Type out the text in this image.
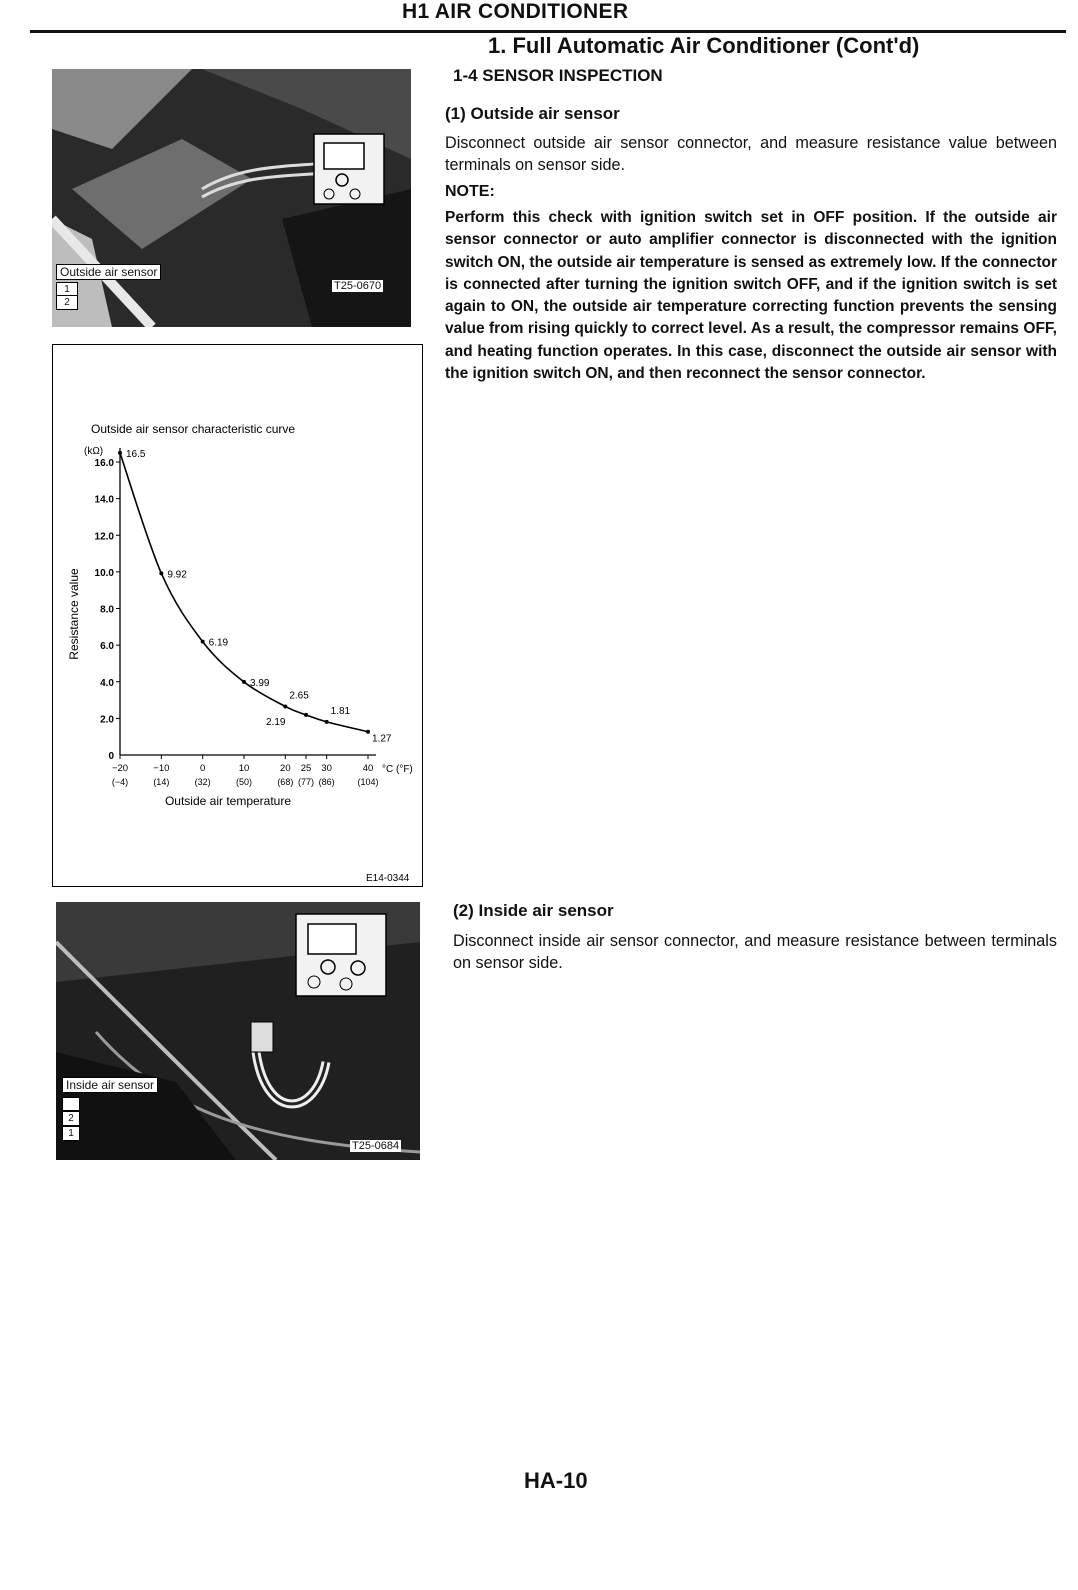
H1 AIR CONDITIONER
1. Full Automatic Air Conditioner (Cont'd)
1-4 SENSOR INSPECTION
(1) Outside air sensor
Disconnect outside air sensor connector, and measure resistance value between terminals on sensor side.
NOTE:
Perform this check with ignition switch set in OFF position. If the outside air sensor connector or auto amplifier connector is disconnected with the ignition switch ON, the outside air temperature is sensed as extremely low. If the connector is connected after turning the ignition switch OFF, and if the ignition switch is set again to ON, the outside air temperature correcting function prevents the sensing value from rising quickly to correct level. As a result, the compressor remains OFF, and heating function operates. In this case, disconnect the outside air sensor with the ignition switch ON, and then reconnect the sensor connector.
(2) Inside air sensor
Disconnect inside air sensor connector, and measure resistance between terminals on sensor side.
Outside air sensor
1
2
T25-0670
Outside air sensor characteristic curve
(kΩ)
Resistance value
Outside air temperature
°C (°F)
16.0
14.0
12.0
10.0
8.0
6.0
4.0
2.0
0
−20
(−4)
−10
(14)
0
(32)
10
(50)
20
(68)
25
(77)
30
(86)
40
(104)
16.5
9.92
6.19
3.99
2.65
2.19
1.81
1.27
E14-0344
Inside air sensor
2
1
T25-0684
HA-10
